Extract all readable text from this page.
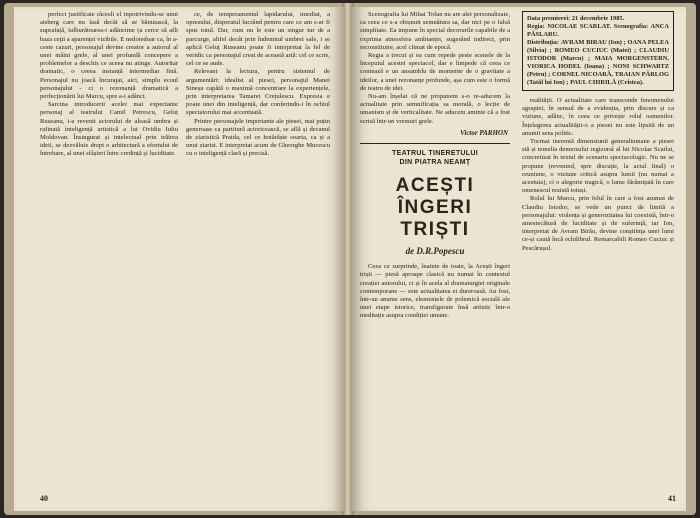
perfect justificate râcesli el inpotrivindu-se unui aisberg care nu lasă decât să se bănuiască, la suprafață, tulburătoarea-i adâncime (a cerce să afli baza ceții a aparenței vizibile. E nedoiedoar ca, în a-ceste cazuri, personajul devine creator a autorul al unei mâini grele, al unei profundă concepere a problemelor a deschis ce aceea nu atinge. Autoritar dramatic, o ceeea instanță intermediar fină. Personajul nu joacă încurajat, aici, simplu ecoul personajului - ci o rezonanță dramatică a perfecționării lui Marcu, spre a-i adânci.

Sarcina introducerii acelei mai expectante personaj al teatrului Camil Petrescu, Geluț Ruseanu, i-a revenit actorului de aleasă umbra și rafinată inteligență artistică a lui Ovidiu Iuliu Moldovan. Însingurat și intelectual prin trăirea ideii, se dezvăluie drept o arhitectură a efortului de întrebare, al unei sfâșieri între credință și luciditate.

ce, de temperamentul lapidarului, imediat, a opresului, disperatul lucrând pentru care ce am s-ar fi spus totul. Dar, cum nu le este un singur tur de a parcurge, altfel decât prin îndemnul umbrei sale, i se aplică Geluț Ruseanu poate fi interpretat la fel de veridic ca personajul creat de această artă: cel ce scrie, cel ce se aude.

Relevant la lectura, pentru sistemul de argumentări: idealist al piesei, personajul Manei Sineșu capătă o maximă concentrare la experiențele, prin interpretarea Tamarei Crețulescu. Expresia e poate unei din inteligență, dar conferindu-i în ochiul spectatorului mai accentuată.

Printre personajele importante ale piesei, mai puțin generoase ca partitură actoricească, se află și decanul de ziaristică Praida, cel ce hotărăște soarta, ca și a unui ziarist. E interpretat acum de Gheorghe Mucescu cu o inteligență clară și precisă.

40

Scenografia lui Mihai Tofan nu are alei personalizate, ca ceea ce s-a obișnuit semnătura sa, dar nici pe o falsă simplitate. Ea impune în special decorurile capabile de a exprima atmosfera ambianței, sugerând indirect, prin reconstituire, acel climat de epocă.

Regia a trecut și ea cum repede peste scenele de la începutul acestei spectacol, dar e limpede că ceea ce contează e un ansamblu de momente de o gravitate a ideilor, a unei rezonanțe profunde, așa cum este o formă de teatru de idei.

Nu-am înșelat că ne propunem s-o re-aducem la actualitate prin semnificația sa morală, o lecție de umanism și de verticalitate. Ne aducem aminte că a fost scrisă într-un vremuri grele.

Victor PARHON
TEATRUL TINERETULUI
DIN PIATRA NEAMȚ
ACEȘTI ÎNGERI
TRIȘTI
de D.R.Popescu

Ceea ce surprinde, înainte de toate, la Acești îngeri triști — piesă aproape clasică nu numai în contextul creației autorului, ci și în acela al dramaturgiei originale contemporane — este actualitatea ei dureroasă. Au fost, într-un anume sens, elementele de polemică socială ale unei etape istorice, transfigurate însă artistic într-o meditație asupra condiției umane.

Data premierei: 21 decembrie 1985.
Regia: NICOLAE SCARLAT. Scenografia: ANCA PĂSLARU.
Distribuția: AVRAM BIRAU (Ion) ; OANA PELEA (Silvia) ; ROMEO CUCIUC (Matei) ; CLAUDIU ISTODOR (Marcu) ; MAIA MORGENSTERN, VIORICA HODEL (Ioana) ; NONI SCHWARTZ (Petru) ; CORNEL NICOARĂ, TRAIAN PÂRLOG (Tatăl lui Ion) ; PAUL CHIRILĂ (Cristea).

realității. O actualitate care transcende fenomenului agrapiei, în sensul de a evidenția, prin discurs și ca viziune, adânc, în ceea ce privește rolul oamenilor. Înțelegerea actualității-o a piesei nu este lipsită de un anumit sens politic.

Tocmai inerentă dimensiunii generaliumane a piesei stă și temelia demersului regizoral al lui Nicolae Scarlat, concretizat în textul de scenariu spectacologic. Nu ne se propune (revenind, spre discuție, la actul final) o reuniune, o viziune critică asupra lumii (nu numai a acestuia), ci o alegorie tragică, o lume fărâmițată în care omenescul rezistă totuși.

Rolul lui Marcu, prin felul în care a fost asumat de Claudiu Istodor, se vede un punct de limită a personajului: violența și generozitatea lui coexistă, într-o amestecătură de luciditate și de suferință, iar Ion, interpretat de Avram Birău, devine conștiința unei lumi ce-și caută încă echilibrul. Remarcabili Romeo Cuciuc și Pescărușul.

41
